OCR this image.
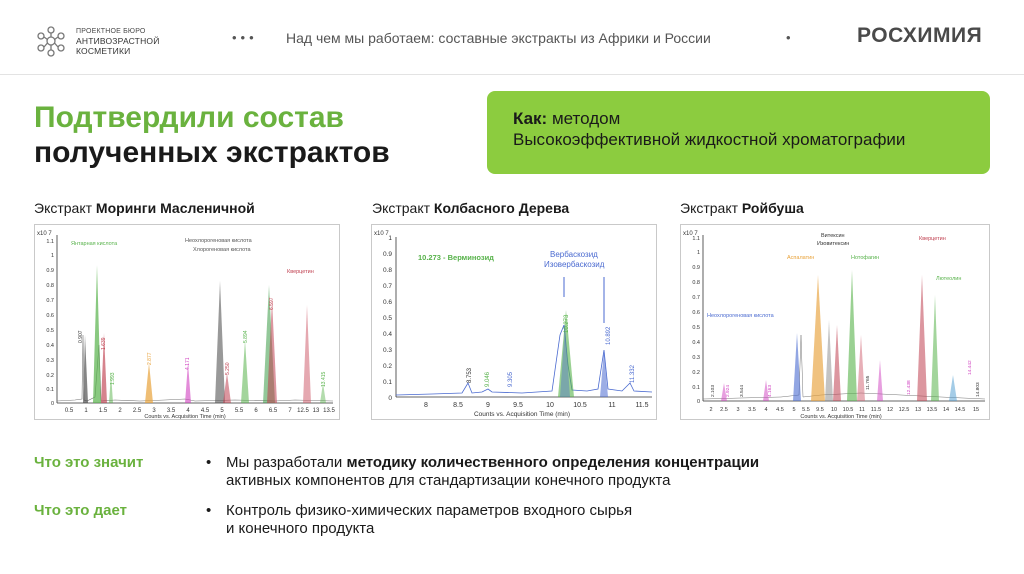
ПРОЕКТНОЕ БЮРО
АНТИВОЗРАСТНОЙ
КОСМЕТИКИ
••• Над чем мы работаем: составные экстракты из Африки и России	•	РОСХИМИЯ
Подтвердили состав
полученных экстрактов
Как: методом
Высокоэффективной жидкостной хроматографии
Экстракт Моринги Масленичной	Экстракт Колбасного Дерева	Экстракт Ройбуша
x10 7
1.1
1
0.9
0.8
0.7
0.6
0.5
0.4
0.3
0.2
0.1
0
0.5 1 1.5 2 2.5 3 3.5 4 4.5 5 5.5 6 6.5 7 12.5 13 13.5
Counts vs. Acquisition Time (min)
Янтарная кислота	Неохлорогеновая кислота
Хлорогеновая кислота
Кверцетин
0.907
1.639
2.877	4.171	5.250
5.894
6.597
13.415
1.993
x10 7
1
0.9
0.8
0.7
0.6
0.5
0.4
0.3
0.2
0.1
0
8	8.5	9	9.5	10	10.5	11	11.5
Counts vs. Acquisition Time (min)
10.273 - Верминозид	Вербаскозид
Изовербаскозид
8.753 9.046	9.305
10.273
10.892
11.332
x10 7
1.1
1
0.9
0.8
0.7
0.6
0.5
0.4
0.3
0.2
0.1
0
2 2.5 3 3.5 4 4.5 5 5.5 9.5 10 10.5 11 11.5 12 12.5 13 13.5 14 14.5 15
Counts vs. Acquisition Time (min)
Витексин
Изовитексин
Аспалатин	Нотофагин
Кверцетин
Лютеолин
Неохлорогеновая кислота
2.103 2.924 3.544	4.163	12.438
14.442
14.803
11.765
Что это значит	• Мы разработали методику количественного определения концентрации
активных компонентов для стандартизации конечного продукта
Что это дает	• Контроль физико-химических параметров входного сырья
и конечного продукта
